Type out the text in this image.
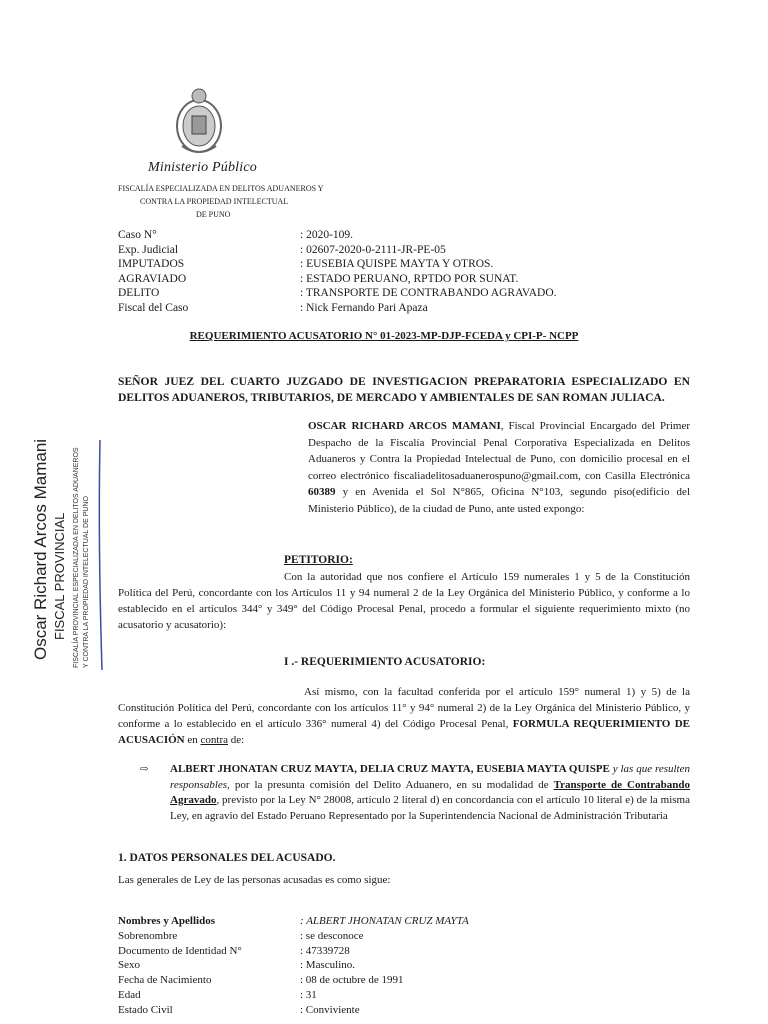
Ministerio Público
FISCALÍA ESPECIALIZADA EN DELITOS ADUANEROS Y
CONTRA LA PROPIEDAD INTELECTUAL
DE PUNO
Caso N°	: 2020-109.
Exp. Judicial	: 02607-2020-0-2111-JR-PE-05
IMPUTADOS	: EUSEBIA QUISPE MAYTA Y OTROS.
AGRAVIADO	: ESTADO PERUANO, RPTDO POR SUNAT.
DELITO	: TRANSPORTE DE CONTRABANDO AGRAVADO.
Fiscal del Caso	: Nick Fernando Pari Apaza
REQUERIMIENTO ACUSATORIO N° 01-2023-MP-DJP-FCEDA y CPI-P- NCPP
SEÑOR JUEZ DEL CUARTO JUZGADO DE INVESTIGACION PREPARATORIA ESPECIALIZADO EN DELITOS ADUANEROS, TRIBUTARIOS, DE MERCADO Y AMBIENTALES DE SAN ROMAN JULIACA.
OSCAR RICHARD ARCOS MAMANI, Fiscal Provincial Encargado del Primer Despacho de la Fiscalía Provincial Penal Corporativa Especializada en Delitos Aduaneros y Contra la Propiedad Intelectual de Puno, con domicilio procesal en el correo electrónico fiscaliadelitosaduanerospuno@gmail.com, con Casilla Electrónica 60389 y en Avenida el Sol N°865, Oficina N°103, segundo piso(edificio del Ministerio Público), de la ciudad de Puno, ante usted expongo:
PETITORIO:
Con la autoridad que nos confiere el Artículo 159 numerales 1 y 5 de la Constitución Política del Perú, concordante con los Artículos 11 y 94 numeral 2 de la Ley Orgánica del Ministerio Público, y conforme a lo establecido en el artículos 344° y 349° del Código Procesal Penal, procedo a formular el siguiente requerimiento mixto (no acusatorio y acusatorio):
I .- REQUERIMIENTO ACUSATORIO:
Así mismo, con la facultad conferida por el artículo 159° numeral 1) y 5) de la Constitución Política del Perú, concordante con los artículos 11° y 94° numeral 2) de la Ley Orgánica del Ministerio Público, y conforme a lo establecido en el artículo 336° numeral 4) del Código Procesal Penal, FORMULA REQUERIMIENTO DE ACUSACIÓN en contra de:
⇨	ALBERT JHONATAN CRUZ MAYTA, DELIA CRUZ MAYTA, EUSEBIA MAYTA QUISPE y las que resulten responsables, por la presunta comisión del Delito Aduanero, en su modalidad de Transporte de Contrabando Agravado, previsto por la Ley N° 28008, artículo 2 literal d) en concordancia con el artículo 10 literal e) de la misma Ley, en agravio del Estado Peruano Representado por la Superintendencia Nacional de Administración Tributaria
1. DATOS PERSONALES DEL ACUSADO.
Las generales de Ley de las personas acusadas es como sigue:
Nombres y Apellidos	: ALBERT JHONATAN CRUZ MAYTA
Sobrenombre	: se desconoce
Documento de Identidad N°	: 47339728
Sexo	: Masculino.
Fecha de Nacimiento	: 08 de octubre de 1991
Edad	: 31
Estado Civil	: Conviviente
Oscar Richard Arcos Mamani FISCAL PROVINCIAL FISCALÍA PROVINCIAL ESPECIALIZADA EN DELITOS ADUANEROS Y CONTRA LA PROPIEDAD INTELECTUAL DE PUNO
